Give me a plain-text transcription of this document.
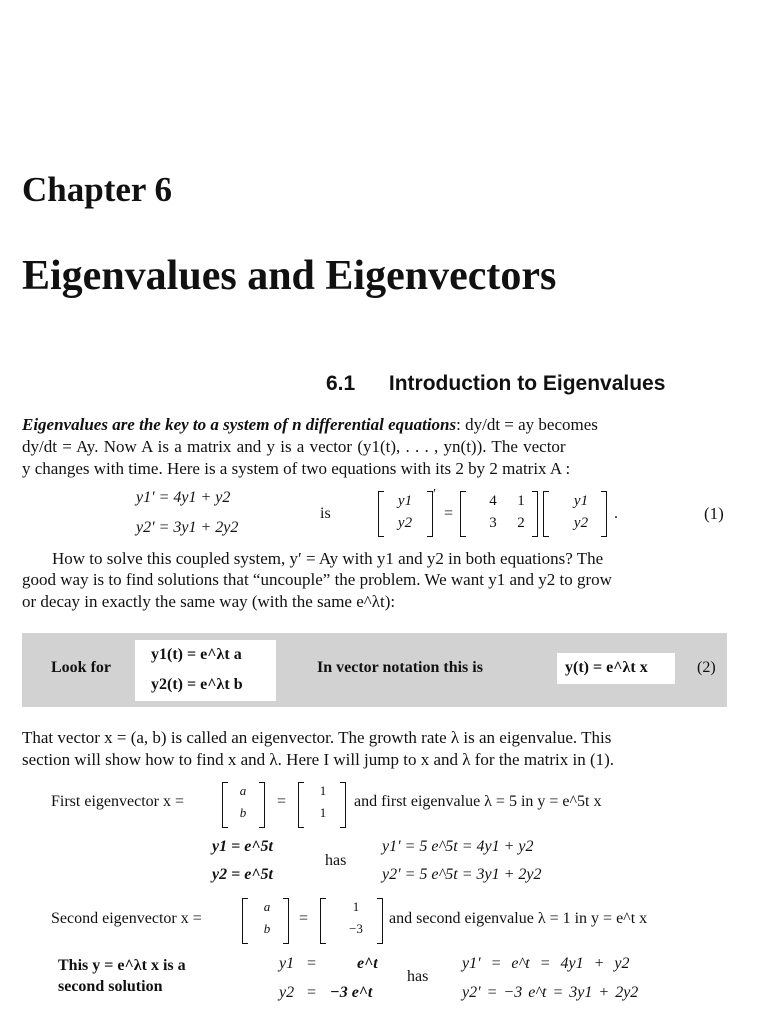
Chapter 6
Eigenvalues and Eigenvectors
6.1 Introduction to Eigenvalues
Eigenvalues are the key to a system of n differential equations: dy/dt = ay becomes
dy/dt = Ay. Now A is a matrix and y is a vector (y1(t), . . . , yn(t)). The vector
y changes with time. Here is a system of two equations with its 2 by 2 matrix A :
y1′ = 4y1 + y2
y2′ = 3y1 + 2y2
is
y1
y2
′
=
4	1
3	2
y1
y2
.	(1)
How to solve this coupled system, y′ = Ay with y1 and y2 in both equations? The
good way is to find solutions that “uncouple” the problem. We want y1 and y2 to grow
or decay in exactly the same way (with the same e^λt):
Look for
y1(t) = e^λt a
y2(t) = e^λt b
In vector notation this is	y(t) = e^λt x	(2)
That vector x = (a, b) is called an eigenvector. The growth rate λ is an eigenvalue. This
section will show how to find x and λ. Here I will jump to x and λ for the matrix in (1).
First eigenvector x =
a
b
=
1
1
and first eigenvalue λ = 5 in y = e^5t x
y1 = e^5t
y2 = e^5t
has
y1′ = 5 e^5t = 4y1 + y2
y2′ = 5 e^5t = 3y1 + 2y2
Second eigenvector x =
a
b
=
1
−3
and second eigenvalue λ = 1 in y = e^t x
This y = e^λt x is a
second solution
y1 =	e^t
y2 = −3 e^t
has
y1′ = e^t = 4y1 + y2
y2′ = −3 e^t = 3y1 + 2y2
